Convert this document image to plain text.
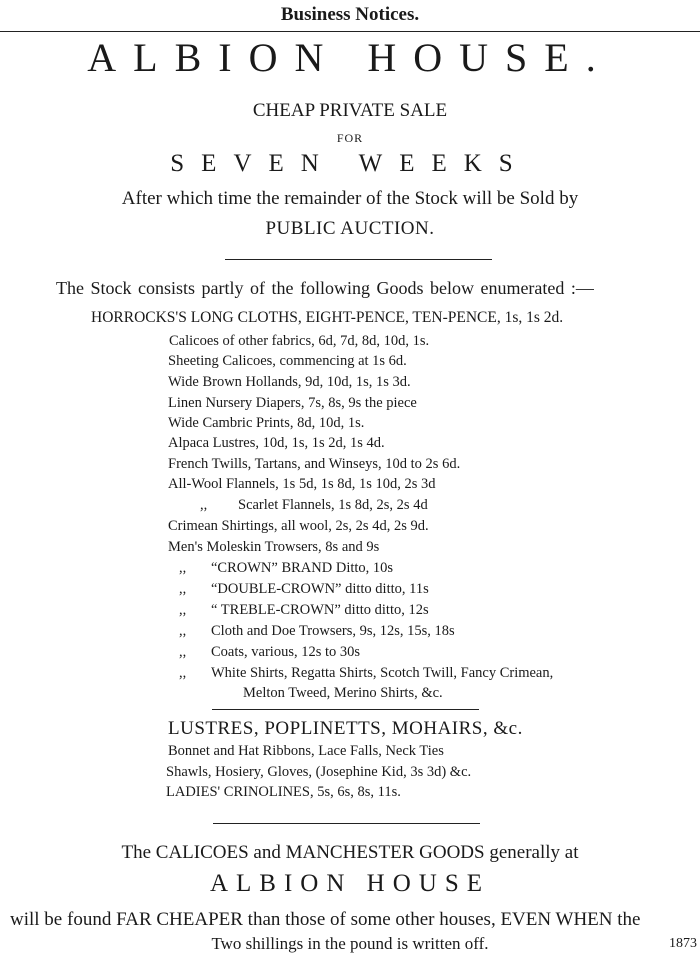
Business Notices.
ALBION HOUSE.
CHEAP PRIVATE SALE
FOR
SEVEN WEEKS
After which time the remainder of the Stock will be Sold by
PUBLIC AUCTION.
The Stock consists partly of the following Goods below enumerated :—
HORROCKS'S LONG CLOTHS, EIGHT-PENCE, TEN-PENCE, 1s, 1s 2d.
Calicoes of other fabrics, 6d, 7d, 8d, 10d, 1s.
Sheeting Calicoes, commencing at 1s 6d.
Wide Brown Hollands, 9d, 10d, 1s, 1s 3d.
Linen Nursery Diapers, 7s, 8s, 9s the piece
Wide Cambric Prints, 8d, 10d, 1s.
Alpaca Lustres, 10d, 1s, 1s 2d, 1s 4d.
French Twills, Tartans, and Winseys, 10d to 2s 6d.
All-Wool Flannels, 1s 5d, 1s 8d, 1s 10d, 2s 3d
,, Scarlet Flannels, 1s 8d, 2s, 2s 4d
Crimean Shirtings, all wool, 2s, 2s 4d, 2s 9d.
Men's Moleskin Trowsers, 8s and 9s
,, “CROWN” BRAND Ditto, 10s
,, “DOUBLE-CROWN” ditto ditto, 11s
,, “ TREBLE-CROWN” ditto ditto, 12s
,, Cloth and Doe Trowsers, 9s, 12s, 15s, 18s
,, Coats, various, 12s to 30s
,, White Shirts, Regatta Shirts, Scotch Twill, Fancy Crimean,
Melton Tweed, Merino Shirts, &c.
LUSTRES, POPLINETTS, MOHAIRS, &c.
Bonnet and Hat Ribbons, Lace Falls, Neck Ties
Shawls, Hosiery, Gloves, (Josephine Kid, 3s 3d) &c.
LADIES' CRINOLINES, 5s, 6s, 8s, 11s.
The CALICOES and MANCHESTER GOODS generally at
ALBION HOUSE
will be found FAR CHEAPER than those of some other houses, EVEN WHEN the
Two shillings in the pound is written off.	1873
